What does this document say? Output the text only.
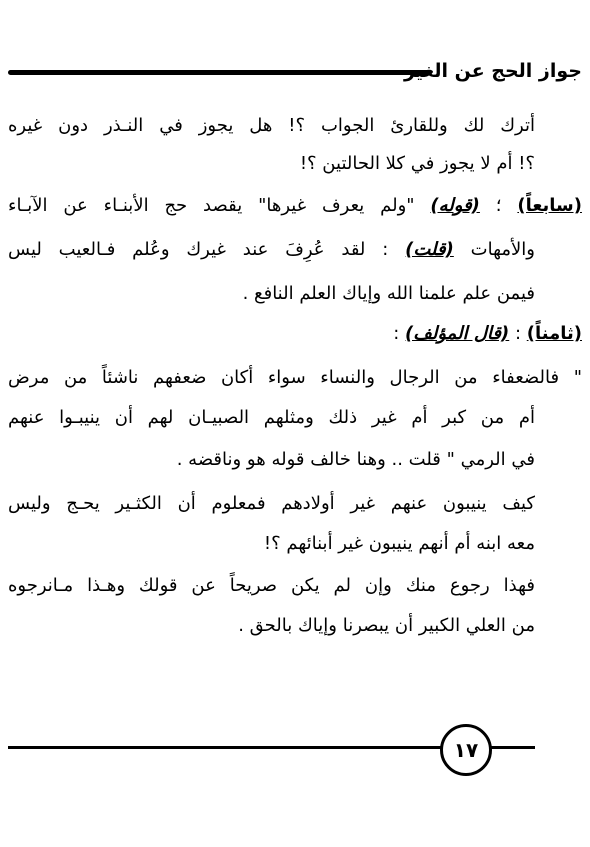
جواز الحج عن الغير
أترك لك وللقارئ الجواب ؟! هل يجوز في النـذر دون غيره
؟! أم لا يجوز في كلا الحالتين ؟!
(سابعاً) ؛ (قوله) "ولم يعرف غيرها" يقصد حج الأبنـاء عن الآبـاء
والأمهات (قلت) : لقد عُرِفَ عند غيرك وعُلم فـالعيب ليس
فيمن علم علمنا الله وإياك العلم النافع .
(ثامناً) : (قال المؤلف) :
" فالضعفاء من الرجال والنساء سواء أكان ضعفهم ناشئاً من مرض
أم من كبر أم غير ذلك ومثلهم الصبيـان لهم أن ينيبـوا عنهم
في الرمي " قلت .. وهنا خالف قوله هو وناقضه .
كيف ينيبون عنهم غير أولادهم فمعلوم أن الكثـير يحـج وليس
معه ابنه أم أنهم ينيبون غير أبنائهم ؟!
فهذا رجوع منك وإن لم يكن صريحاً عن قولك وهـذا مـانرجوه
من العلي الكبير أن يبصرنا وإياك بالحق .
١٧
